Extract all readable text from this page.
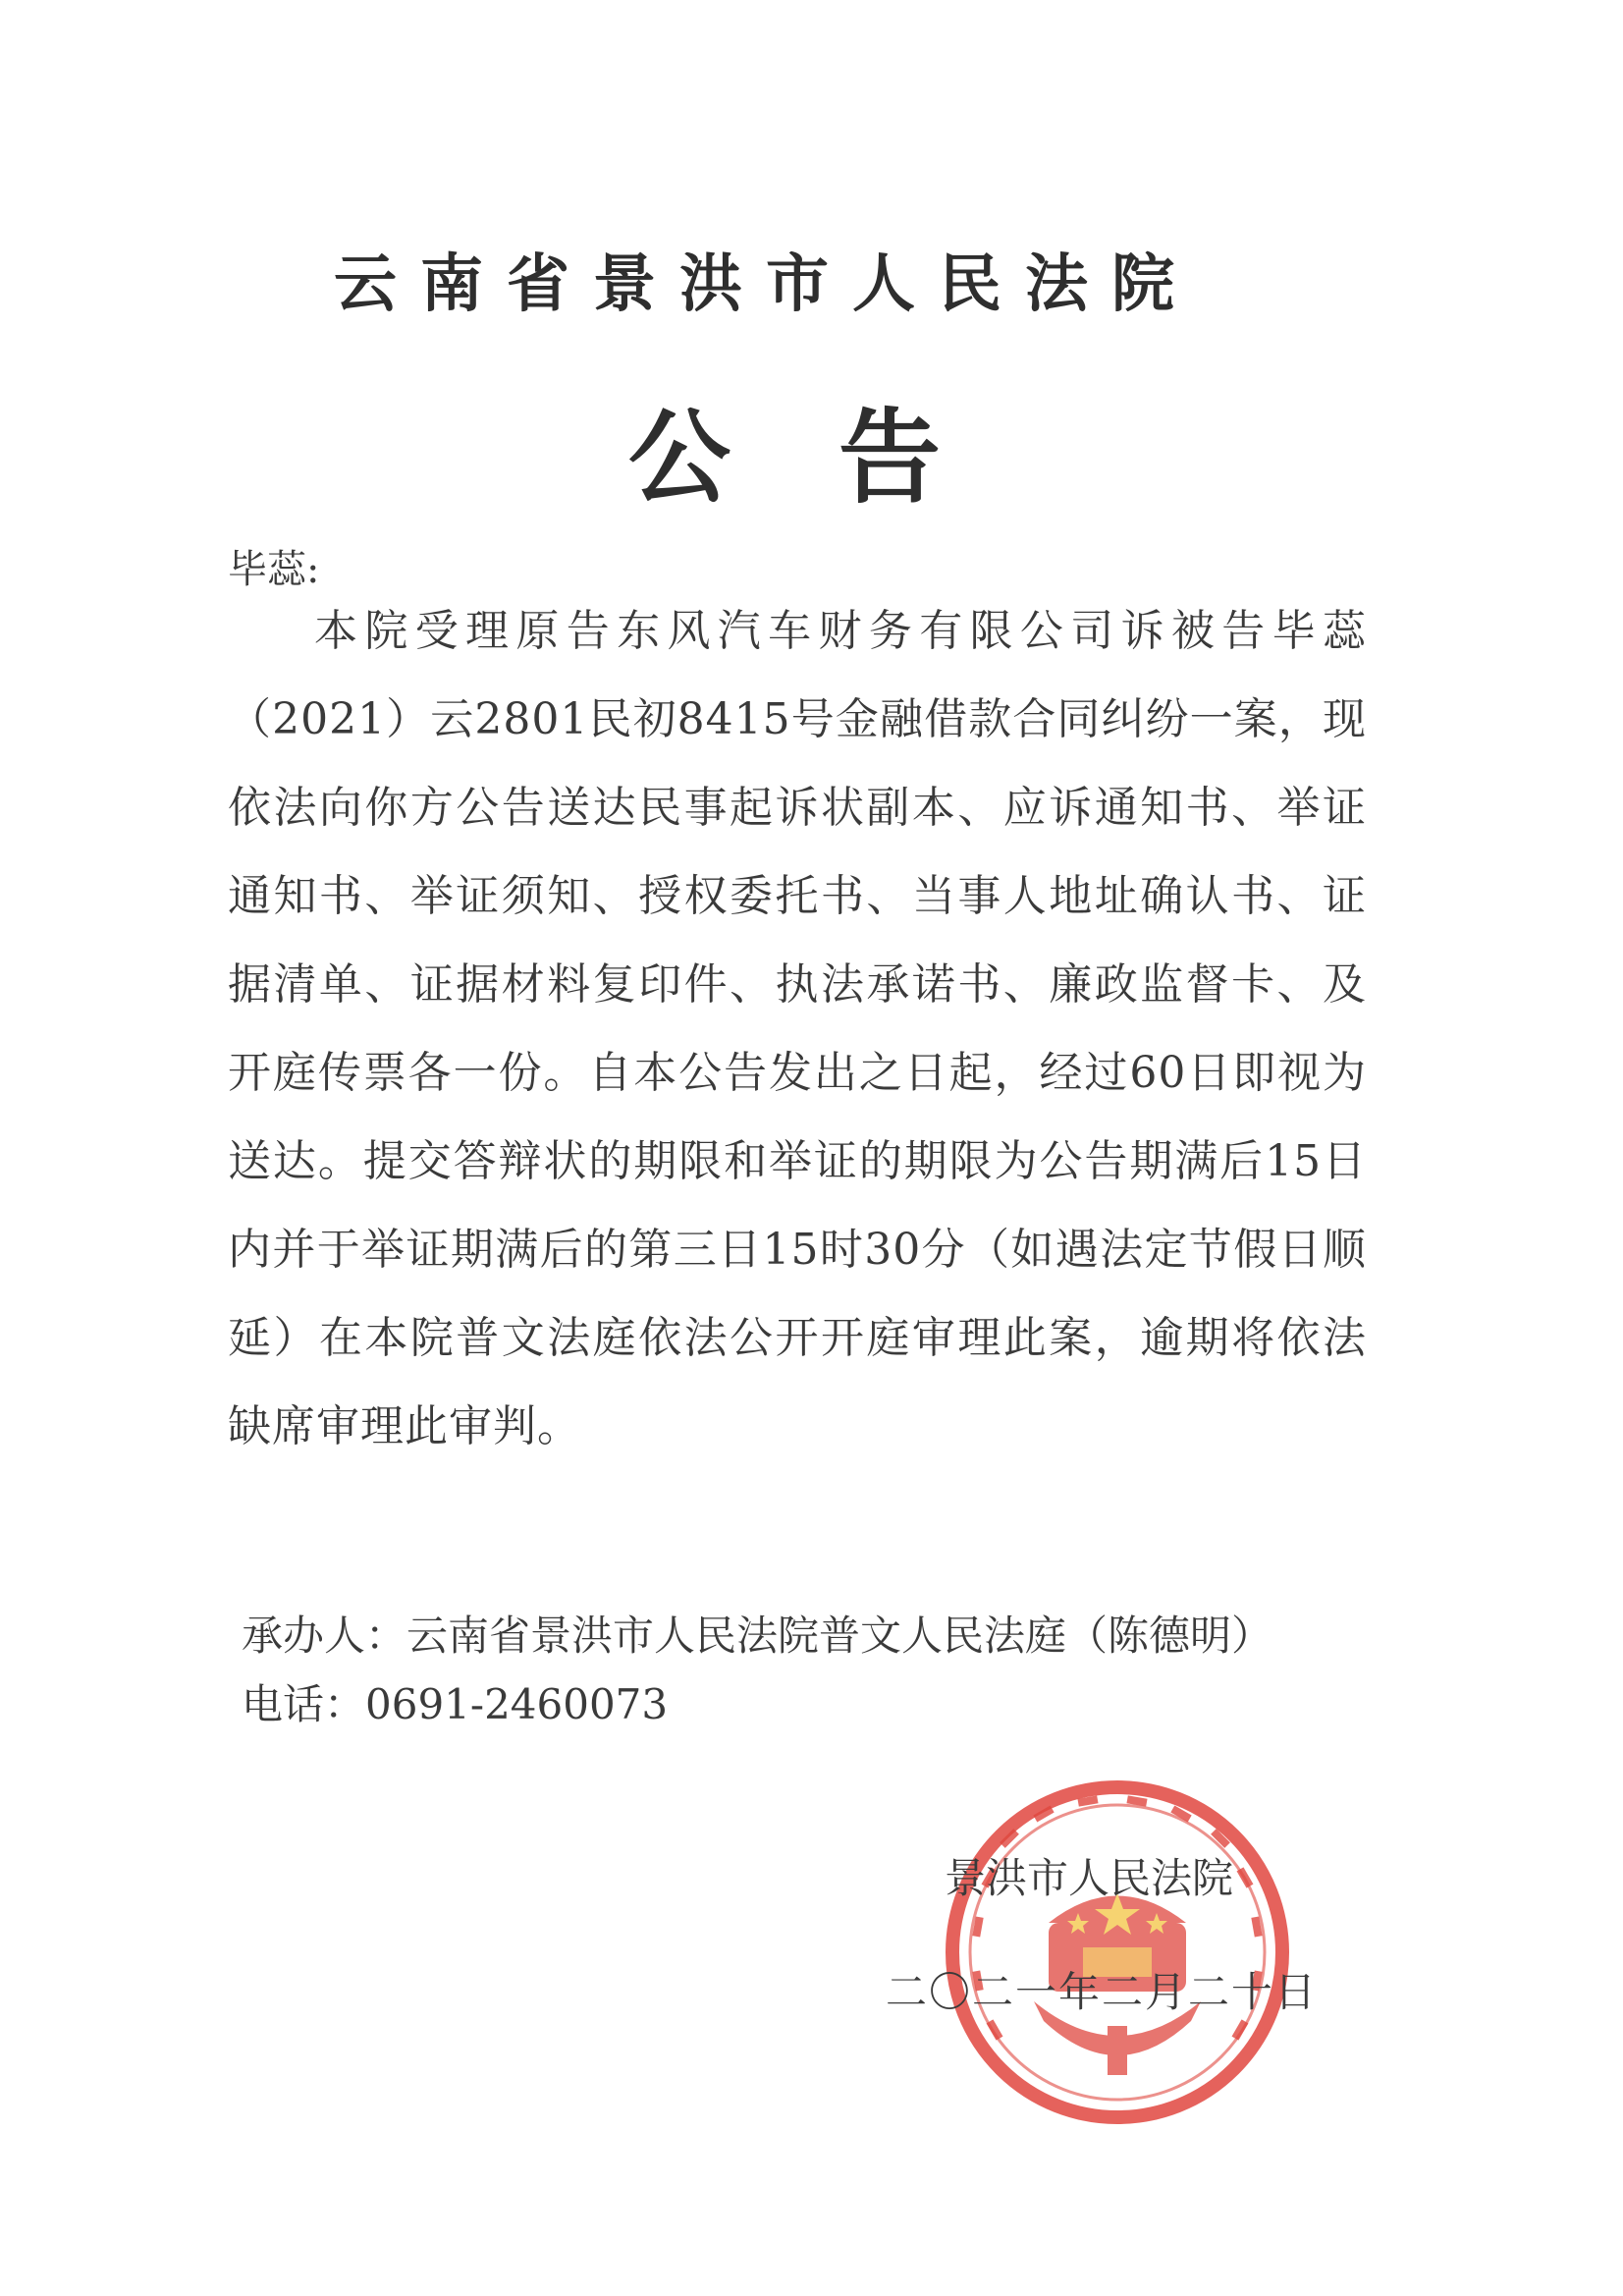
云南省景洪市人民法院
公告
毕蕊:

本院受理原告东风汽车财务有限公司诉被告毕蕊（2021）云2801民初8415号金融借款合同纠纷一案，现依法向你方公告送达民事起诉状副本、应诉通知书、举证通知书、举证须知、授权委托书、当事人地址确认书、证据清单、证据材料复印件、执法承诺书、廉政监督卡、及开庭传票各一份。自本公告发出之日起，经过60日即视为送达。提交答辩状的期限和举证的期限为公告期满后15日内并于举证期满后的第三日15时30分（如遇法定节假日顺延）在本院普文法庭依法公开开庭审理此案，逾期将依法缺席审理此审判。

承办人：云南省景洪市人民法院普文人民法庭（陈德明）
电话：0691-2460073
景洪市人民法院
二〇二一年二月二十日
